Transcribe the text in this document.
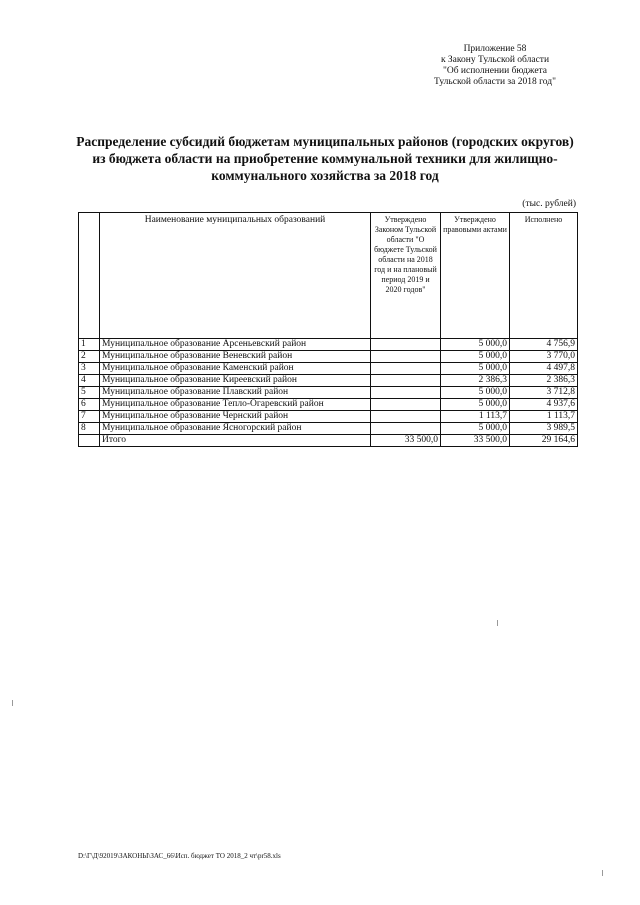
Приложение 58
к Закону Тульской области
"Об исполнении бюджета
Тульской области за 2018 год"
Распределение субсидий бюджетам муниципальных районов (городских округов) из бюджета области на приобретение коммунальной техники для жилищно-коммунального хозяйства за 2018 год
(тыс. рублей)
	Наименование муниципальных образований	Утверждено Законом Тульской области "О бюджете Тульской области на 2018 год и на плановый период 2019 и 2020 годов"	Утверждено правовыми актами	Исполнено
1	Муниципальное образование Арсеньевский район		5 000,0	4 756,9
2	Муниципальное образование Веневский район		5 000,0	3 770,0
3	Муниципальное образование Каменский район		5 000,0	4 497,8
4	Муниципальное образование Киреевский район		2 386,3	2 386,3
5	Муниципальное образование Плавский район		5 000,0	3 712,8
6	Муниципальное образование Тепло-Огаревский район		5 000,0	4 937,6
7	Муниципальное образование Чернский район		1 113,7	1 113,7
8	Муниципальное образование Ясногорский район		5 000,0	3 989,5
	Итого	33 500,0	33 500,0	29 164,6
D:\Г\Д\92019\ЗАКОНЫ\ЗАС_66\Исп. бюджет ТО 2018_2 чт\pr58.xls
